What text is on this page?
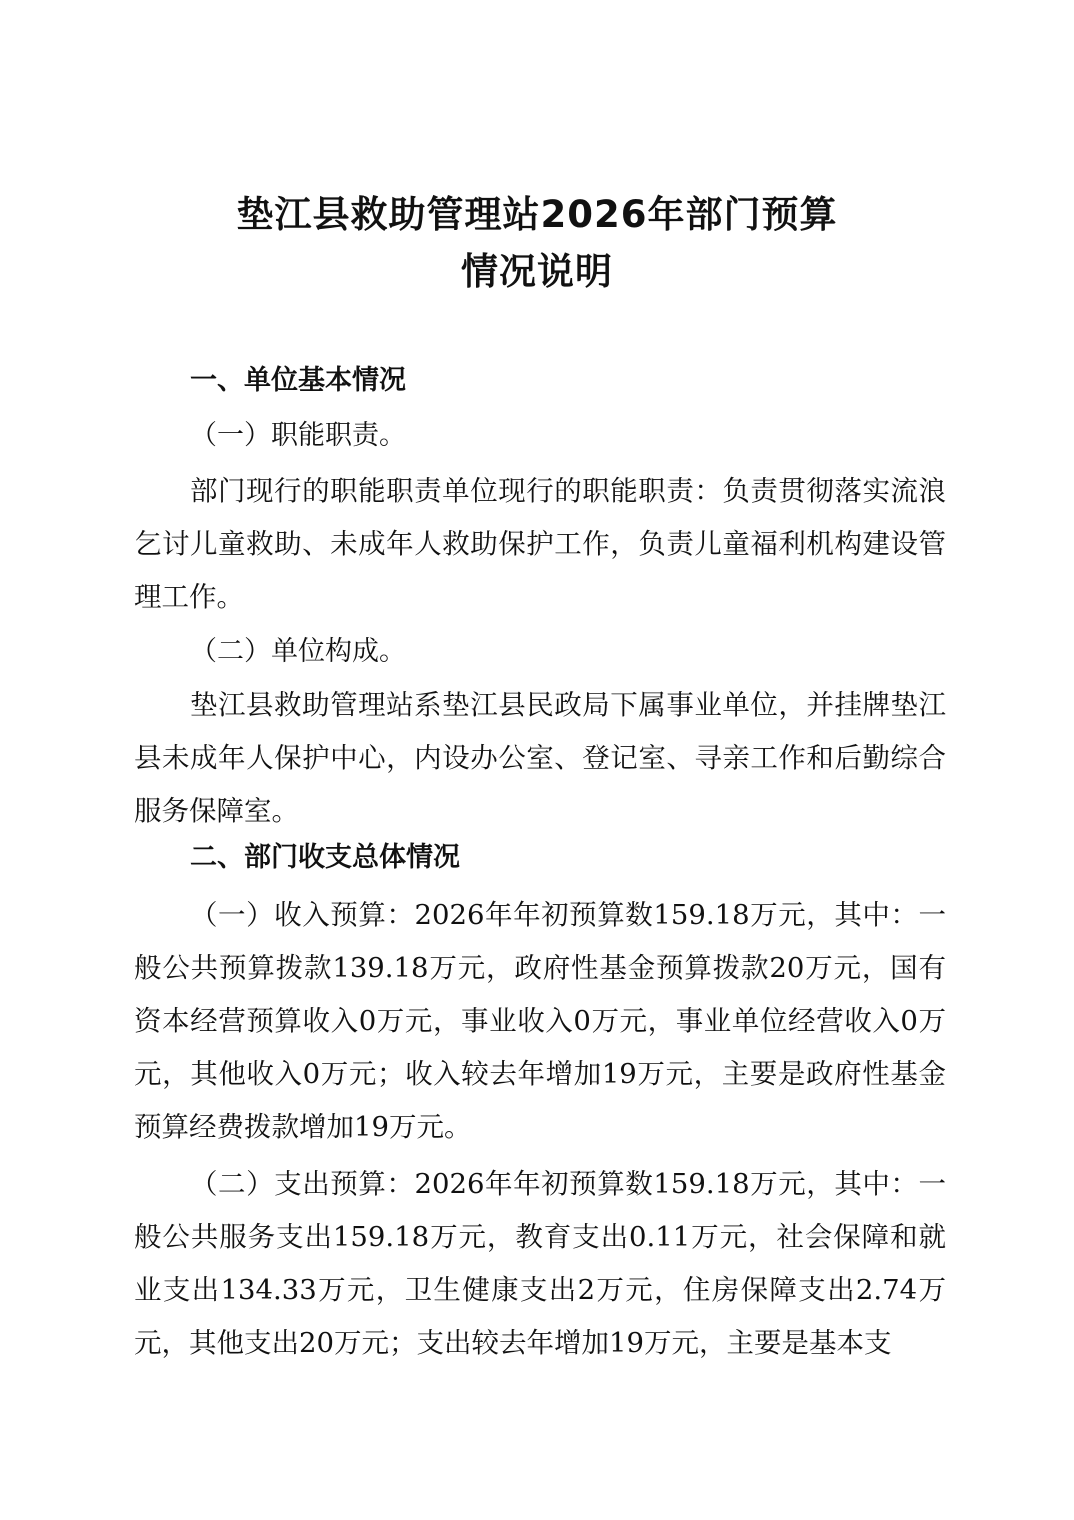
垫江县救助管理站2026年部门预算
情况说明
一、单位基本情况

（一）职能职责。

部门现行的职能职责单位现行的职能职责：负责贯彻落实流浪乞讨儿童救助、未成年人救助保护工作，负责儿童福利机构建设管理工作。

（二）单位构成。

垫江县救助管理站系垫江县民政局下属事业单位，并挂牌垫江县未成年人保护中心，内设办公室、登记室、寻亲工作和后勤综合服务保障室。

二、部门收支总体情况

（一）收入预算：2026年年初预算数159.18万元，其中：一般公共预算拨款139.18万元，政府性基金预算拨款20万元，国有资本经营预算收入0万元，事业收入0万元，事业单位经营收入0万元，其他收入0万元；收入较去年增加19万元，主要是政府性基金预算经费拨款增加19万元。

（二）支出预算：2026年年初预算数159.18万元，其中：一般公共服务支出159.18万元，教育支出0.11万元，社会保障和就业支出134.33万元，卫生健康支出2万元，住房保障支出2.74万元，其他支出20万元；支出较去年增加19万元，主要是基本支
